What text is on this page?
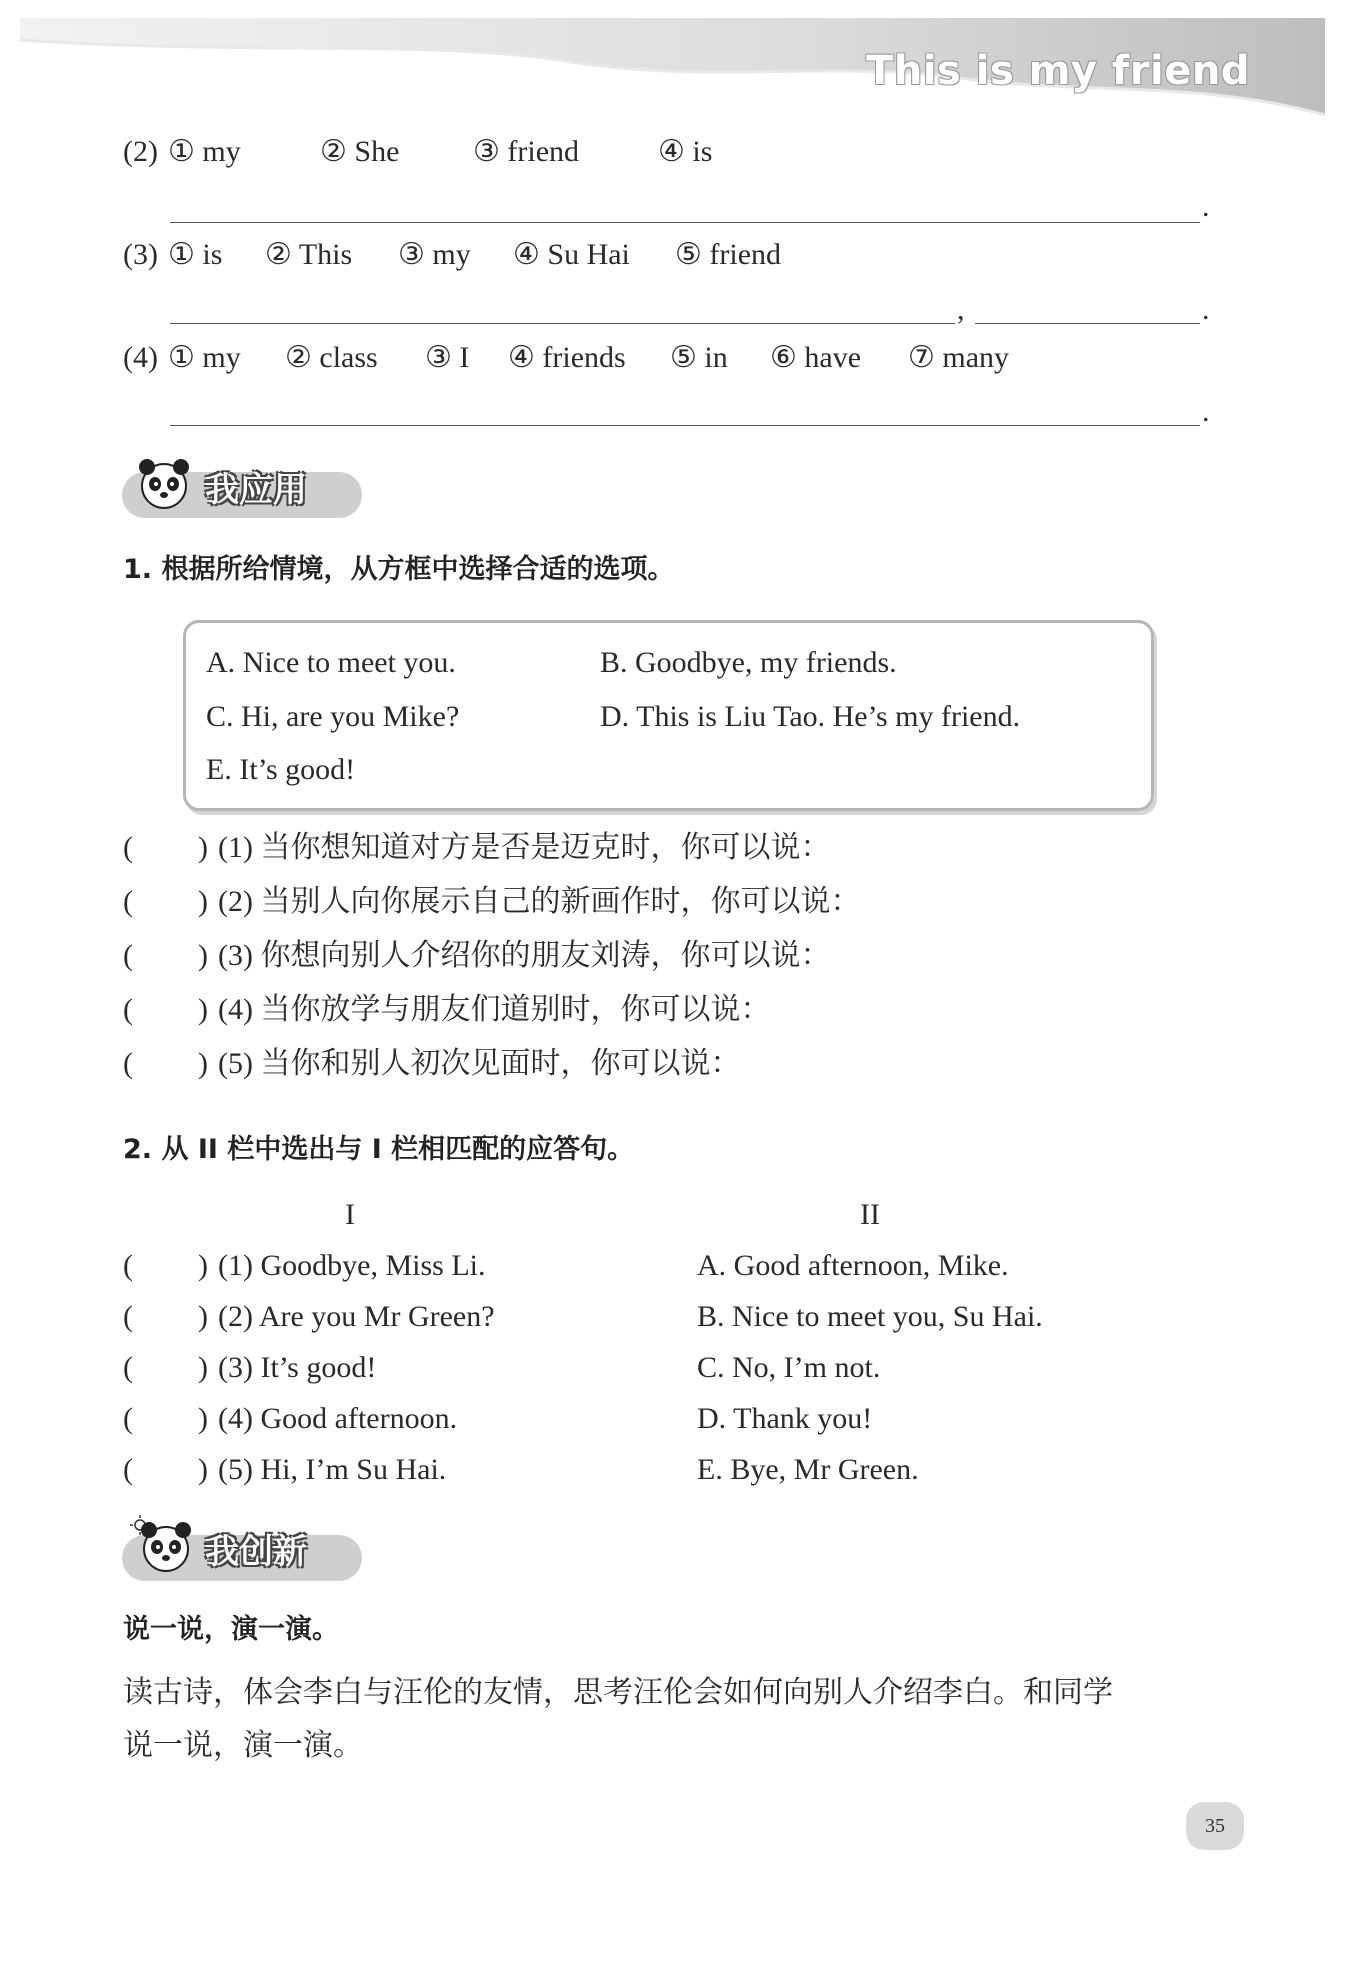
This is my friend
(2) ① my	② She ③ friend	④ is
.
(3) ① is ② This ③ my ④ Su Hai ⑤ friend
,	.
(4) ① my ② class ③ I ④ friends ⑤ in ⑥ have ⑦ many
.
我应用
1. 根据所给情境，从方框中选择合适的选项。
A. Nice to meet you.	B. Goodbye, my friends.
C. Hi, are you Mike?	D. This is Liu Tao. He’s my friend.
E. It’s good!
( ) (1) 当你想知道对方是否是迈克时，你可以说：
( ) (2) 当别人向你展示自己的新画作时，你可以说：
( ) (3) 你想向别人介绍你的朋友刘涛，你可以说：
( ) (4) 当你放学与朋友们道别时，你可以说：
( ) (5) 当你和别人初次见面时，你可以说：
2. 从 II 栏中选出与 I 栏相匹配的应答句。
I	II
( ) (1) Goodbye, Miss Li.	A. Good afternoon, Mike.
( ) (2) Are you Mr Green?	B. Nice to meet you, Su Hai.
( ) (3) It’s good!	C. No, I’m not.
( ) (4) Good afternoon.	D. Thank you!
( ) (5) Hi, I’m Su Hai.	E. Bye, Mr Green.
我创新
说一说，演一演。
读古诗，体会李白与汪伦的友情，思考汪伦会如何向别人介绍李白。和同学
说一说，演一演。
35
